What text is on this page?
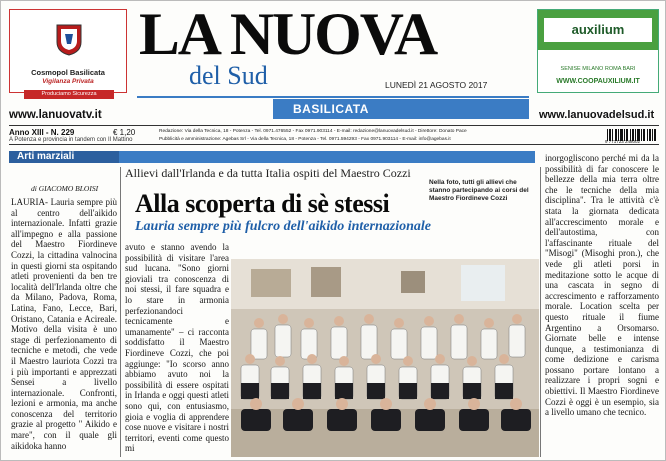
Cosmopol Basilicata
Vigilanza Privata
Produciamo Sicurezza
www.lanuovatv.it
LA NUOVA
del Sud	LUNEDÌ 21 AGOSTO 2017
BASILICATA
auxilium
SENISE MILANO ROMA BARI
WWW.COOPAUXILIUM.IT
www.lanuovadelsud.it
Anno XIII - N. 229	€ 1,20
A Potenza e provincia in tandem con Il Mattino
Redazione: Via della Tecnica, 18 - Potenza - Tel. 0971.476552 - Fax 0971.903114 - E-mail: redazione@lanuovadelsud.it - Direttore: Donato Pace
Pubblicità e amministrazione: Agebas Srl - Via della Tecnica, 18 - Potenza - Tel. 0971.594293 - Fax 0971.903114 - E-mail: info@agebas.it	9 771723 248002
Arti marziali
di GIACOMO BLOISI
LAURIA- Lauria sempre più al centro dell'aikido internazionale. Infatti grazie all'impegno e alla passione del Maestro Fiordineve Cozzi, la cittadina valnocina in questi giorni sta ospitando atleti provenienti da ben tre località dell'Irlanda oltre che da Milano, Padova, Roma, Latina, Fano, Lecce, Bari, Oristano, Catania e Acireale. Motivo della visita è uno stage di perfezionamento di tecniche e metodi, che vede il Maestro lauriota Cozzi tra i più importanti e apprezzati Sensei a livello internazionale. Confronti, lezioni e armonia, ma anche conoscenza del territorio grazie al progetto " Aikido e mare", con il quale gli aikidoka hanno
Allievi dall'Irlanda e da tutta Italia ospiti del Maestro Cozzi
Alla scoperta di sè stessi
Lauria sempre più fulcro dell'aikido internazionale
Nella foto, tutti gli allievi che stanno partecipando ai corsi del Maestro Fiordineve Cozzi
avuto e stanno avendo la possibilità di visitare l'area sud lucana. "Sono giorni gioviali tra conoscenza di noi stessi, il fare squadra e lo stare in armonia perfezionandoci tecnicamente e umanamente" – ci racconta soddisfatto il Maestro Fiordineve Cozzi, che poi aggiunge: "Io scorso anno abbiamo avuto noi la possibilità di essere ospitati in Irlanda e oggi questi atleti sono qui, con entusiasmo, gioia e voglia di apprendere cose nuove e visitare i nostri territori, eventi come questo mi
inorgogliscono perché mi da la possibilità di far conoscere le bellezze della mia terra oltre che le tecniche della mia disciplina". Tra le attività c'è stata la giornata dedicata all'accrescimento morale e dell'autostima, con l'affascinante rituale del "Misogi" (Misoghi pron.), che vede gli atleti porsi in meditazione sotto le acque di una cascata in segno di accrescimento e rafforzamento morale. Location scelta per questo rituale il fiume Argentino a Orsomarso. Giornate belle e intense dunque, a testimonianza di come dedizione e carisma possano portare lontano a realizzare i propri sogni e obiettivi. Il Maestro Fiordineve Cozzi è oggi è un esempio, sia a livello umano che tecnico.
